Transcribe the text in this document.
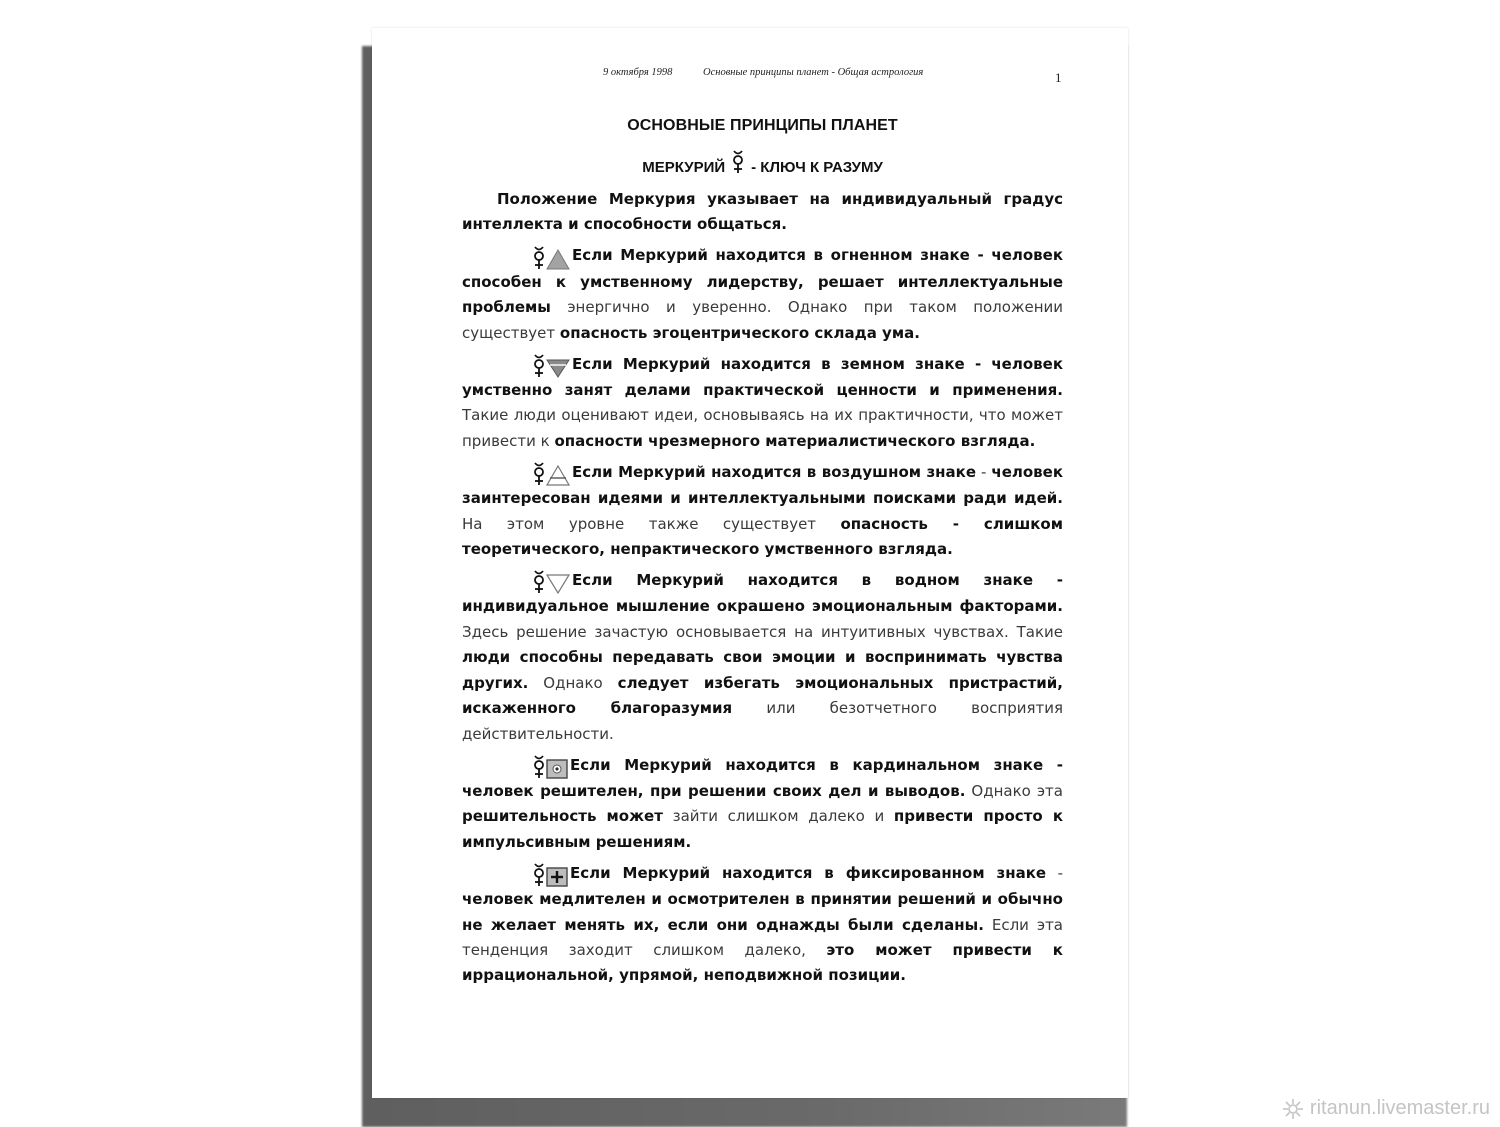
9 октября 1998	Основные принципы планет - Общая астрология	1
ОСНОВНЫЕ ПРИНЦИПЫ ПЛАНЕТ
МЕРКУРИЙ - КЛЮЧ К РАЗУМУ

Положение Меркурия указывает на индивидуальный градус интеллекта и способности общаться.

Если Меркурий находится в огненном знаке - человек способен к умственному лидерству, решает интеллектуальные проблемы энергично и уверенно. Однако при таком положении существует опасность эгоцентрического склада ума.

Если Меркурий находится в земном знаке - человек умственно занят делами практической ценности и применения. Такие люди оценивают идеи, основываясь на их практичности, что может привести к опасности чрезмерного материалистического взгляда.

Если Меркурий находится в воздушном знаке - человек заинтересован идеями и интеллектуальными поисками ради идей. На этом уровне также существует опасность - слишком теоретического, непрактического умственного взгляда.

Если Меркурий находится в водном знаке - индивидуальное мышление окрашено эмоциональным факторами. Здесь решение зачастую основывается на интуитивных чувствах. Такие люди способны передавать свои эмоции и воспринимать чувства других. Однако следует избегать эмоциональных пристрастий, искаженного благоразумия или безотчетного восприятия действительности.

Если Меркурий находится в кардинальном знаке - человек решителен, при решении своих дел и выводов. Однако эта решительность может зайти слишком далеко и привести просто к импульсивным решениям.

Если Меркурий находится в фиксированном знаке - человек медлителен и осмотрителен в принятии решений и обычно не желает менять их, если они однажды были сделаны. Если эта тенденция заходит слишком далеко, это может привести к иррациональной, упрямой, неподвижной позиции.

ritanun.livemaster.ru
